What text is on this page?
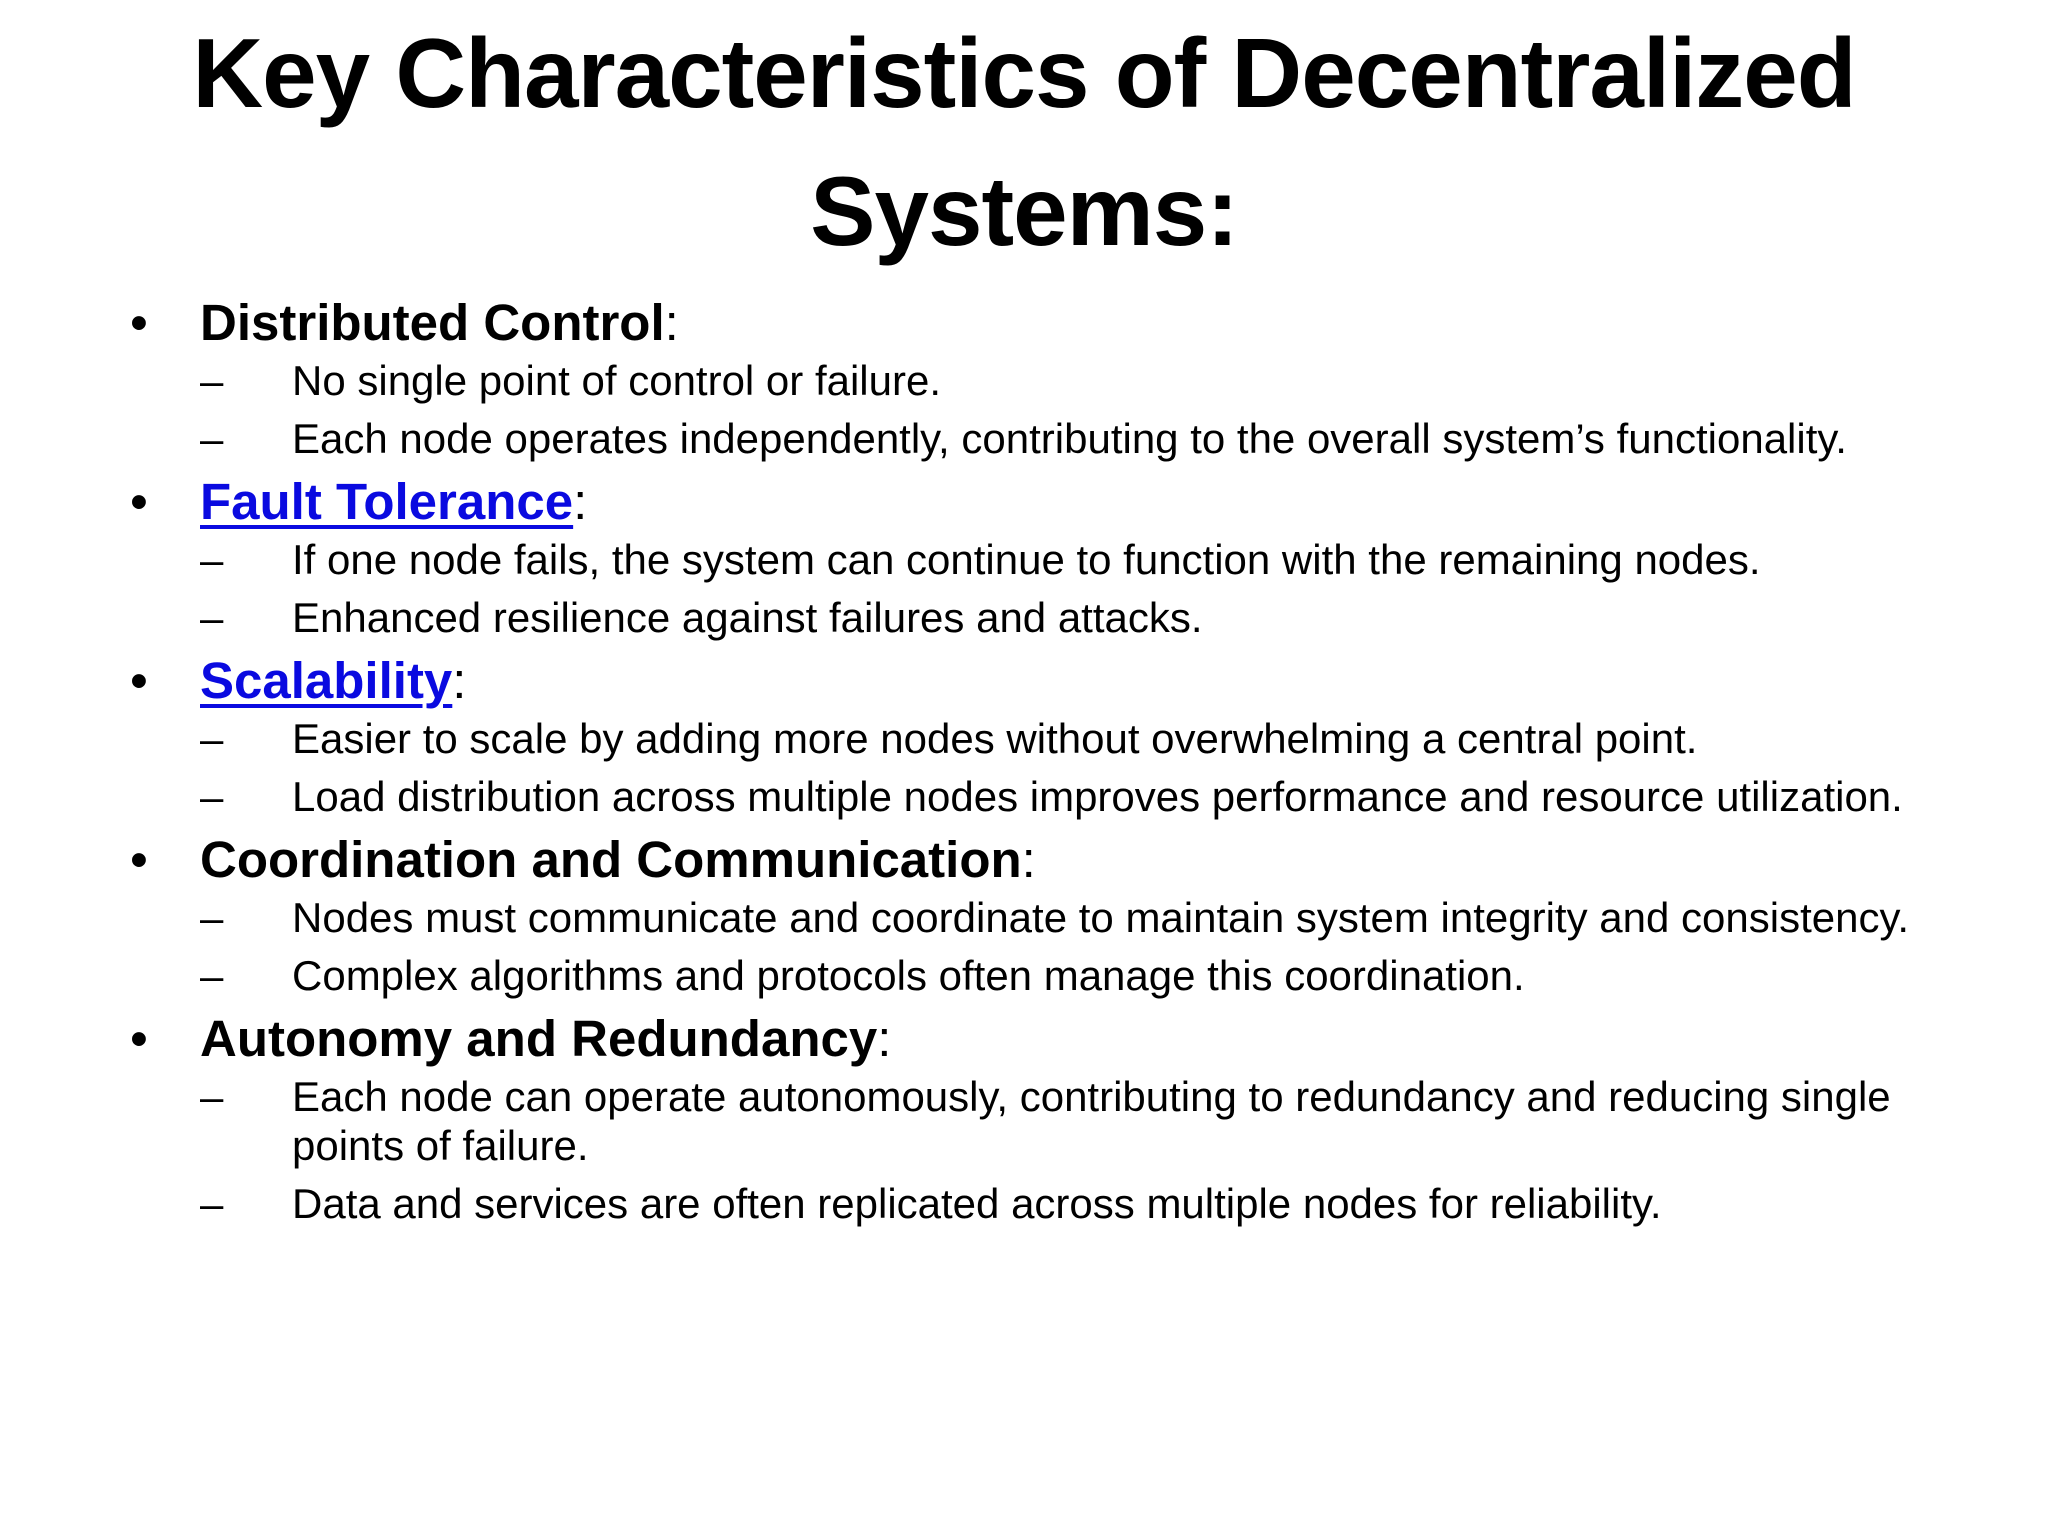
Key Characteristics of Decentralized Systems:
• Distributed Control:
– No single point of control or failure.
– Each node operates independently, contributing to the overall system’s functionality.
• Fault Tolerance:
– If one node fails, the system can continue to function with the remaining nodes.
– Enhanced resilience against failures and attacks.
• Scalability:
– Easier to scale by adding more nodes without overwhelming a central point.
– Load distribution across multiple nodes improves performance and resource utilization.
• Coordination and Communication:
– Nodes must communicate and coordinate to maintain system integrity and consistency.
– Complex algorithms and protocols often manage this coordination.
• Autonomy and Redundancy:
– Each node can operate autonomously, contributing to redundancy and reducing single points of failure.
– Data and services are often replicated across multiple nodes for reliability.
